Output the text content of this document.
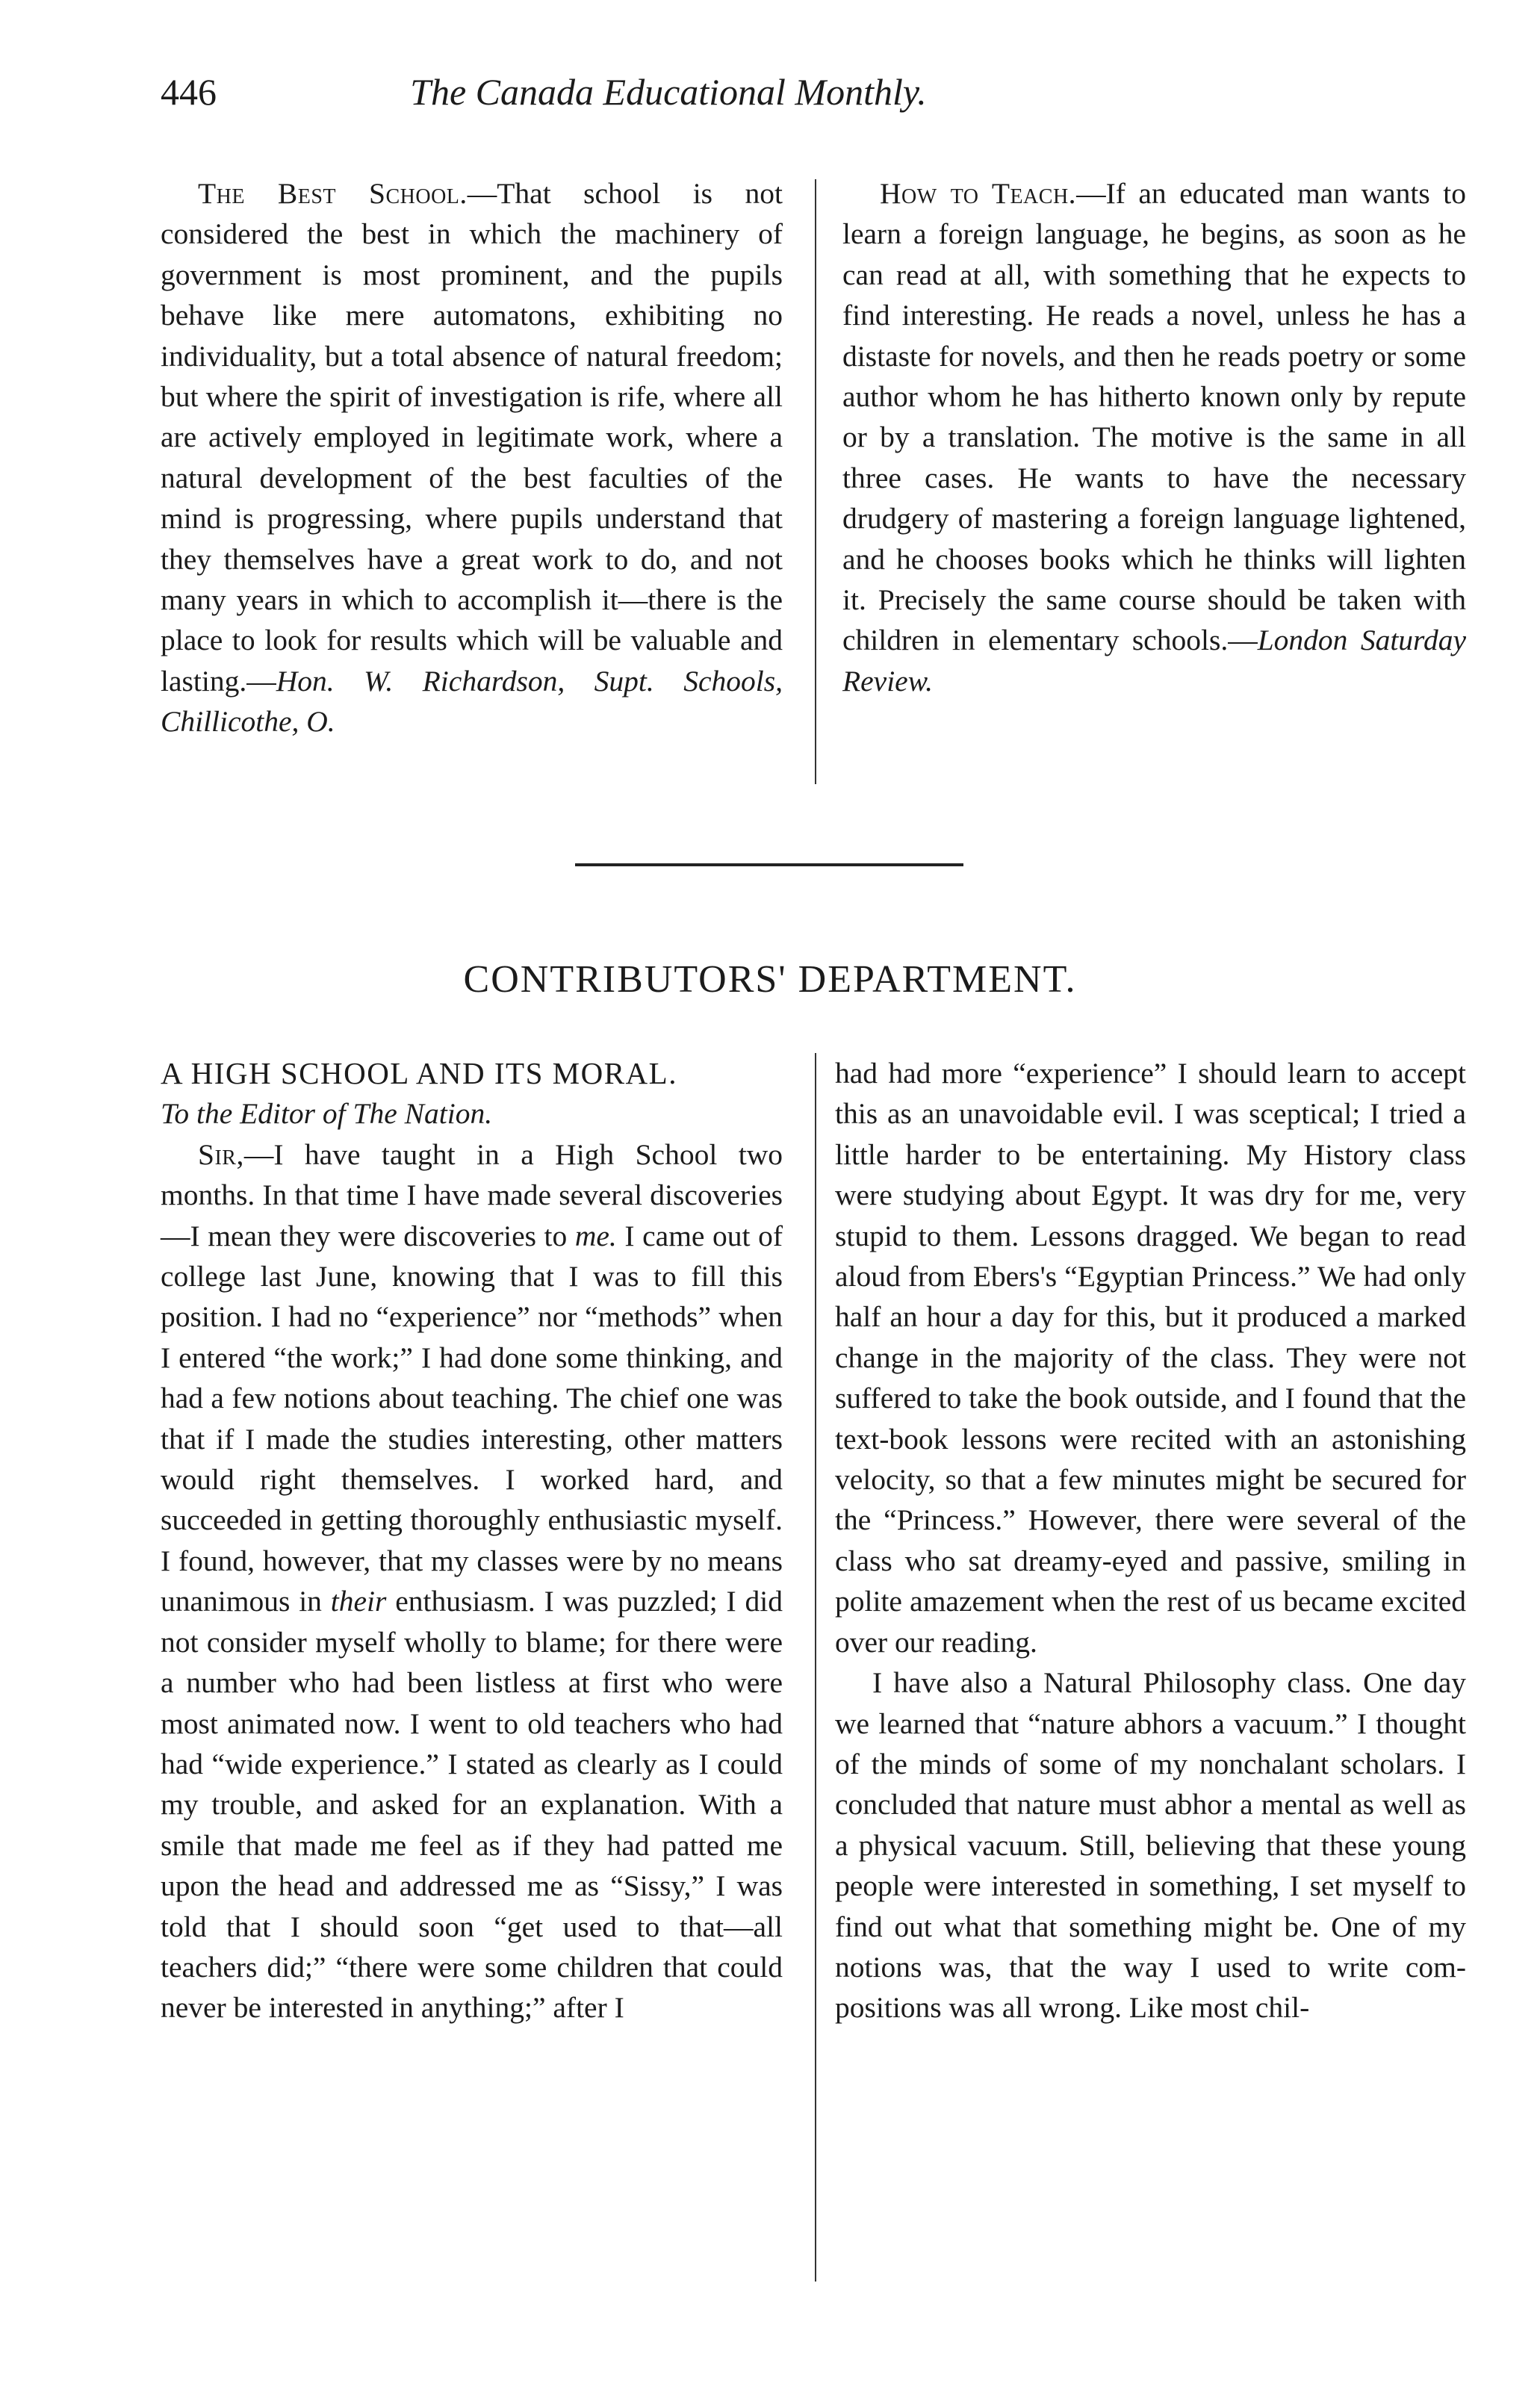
446	The Canada Educational Monthly.

The Best School.—That school is not considered the best in which the machinery of government is most prominent, and the pupils behave like mere automatons, exhibiting no individuality, but a total absence of natural freedom; but where the spirit of investigation is rife, where all are actively employed in legitimate work, where a natural development of the best faculties of the mind is progressing, where pupils understand that they themselves have a great work to do, and not many years in which to accomplish it—there is the place to look for results which will be valuable and lasting.—Hon. W. Richardson, Supt. Schools, Chillicothe, O.

How to Teach.—If an educated man wants to learn a foreign language, he begins, as soon as he can read at all, with something that he expects to find interesting. He reads a novel, unless he has a distaste for novels, and then he reads poetry or some author whom he has hitherto known only by repute or by a translation. The motive is the same in all three cases. He wants to have the necessary drudgery of mastering a foreign language lightened, and he chooses books which he thinks will lighten it. Precisely the same course should be taken with children in elementary schools.—London Saturday Review.

CONTRIBUTORS' DEPARTMENT.

A HIGH SCHOOL AND ITS MORAL.

To the Editor of The Nation.

Sir,—I have taught in a High School two months. In that time I have made several discoveries—I mean they were discoveries to me. I came out of college last June, knowing that I was to fill this position. I had no “experience” nor “methods” when I entered “the work;” I had done some thinking, and had a few notions about teaching. The chief one was that if I made the studies interesting, other matters would right themselves. I worked hard, and succeeded in getting thoroughly enthusiastic myself. I found, however, that my classes were by no means unanimous in their enthusiasm. I was puzzled; I did not consider myself wholly to blame; for there were a number who had been listless at first who were most animated now. I went to old teachers who had had “wide experience.” I stated as clearly as I could my trouble, and asked for an explanation. With a smile that made me feel as if they had patted me upon the head and addressed me as “Sissy,” I was told that I should soon “get used to that—all teachers did;” “there were some children that could never be interested in anything;” after I

had had more “experience” I should learn to accept this as an unavoidable evil. I was sceptical; I tried a little harder to be entertaining. My History class were studying about Egypt. It was dry for me, very stupid to them. Lessons dragged. We began to read aloud from Ebers's “Egyptian Princess.” We had only half an hour a day for this, but it produced a marked change in the majority of the class. They were not suffered to take the book outside, and I found that the text-book lessons were recited with an astonishing velocity, so that a few minutes might be secured for the “Princess.” However, there were several of the class who sat dreamy-eyed and passive, smiling in polite amazement when the rest of us became excited over our reading.

I have also a Natural Philosophy class. One day we learned that “nature abhors a vacuum.” I thought of the minds of some of my nonchalant scholars. I concluded that nature must abhor a mental as well as a physical vacuum. Still, believing that these young people were interested in something, I set myself to find out what that something might be. One of my notions was, that the way I used to write compositions was all wrong. Like most chil-
